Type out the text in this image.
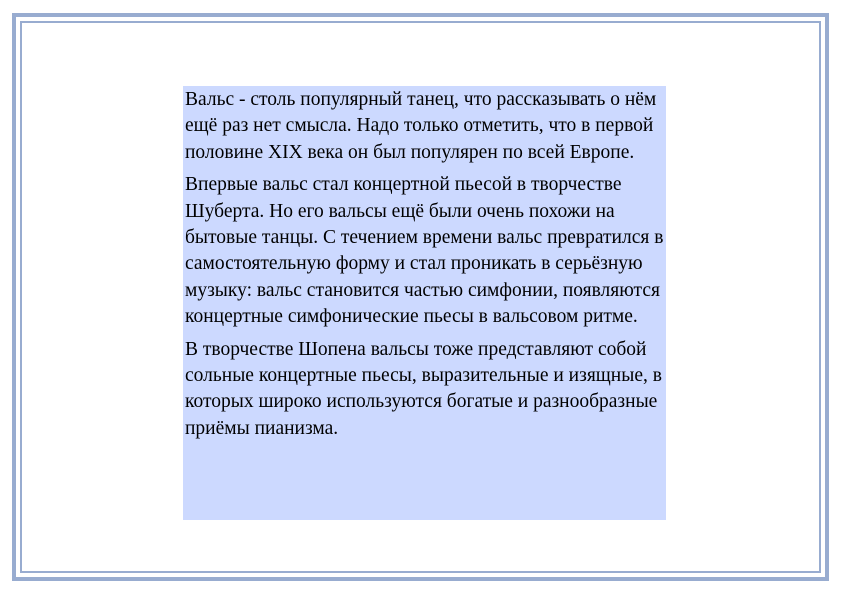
Вальс - столь популярный танец, что рассказывать о нём ещё раз нет смысла. Надо только отметить, что в первой половине XIX века он был популярен по всей Европе.

Впервые вальс стал концертной пьесой в творчестве Шуберта. Но его вальсы ещё были очень похожи на бытовые танцы. С течением времени вальс превратился в самостоятельную форму и стал проникать в серьёзную музыку: вальс становится частью симфонии, появляются концертные симфонические пьесы в вальсовом ритме.

В творчестве Шопена вальсы тоже представляют собой сольные концертные пьесы, выразительные и изящные, в которых широко используются богатые и разнообразные приёмы пианизма.
